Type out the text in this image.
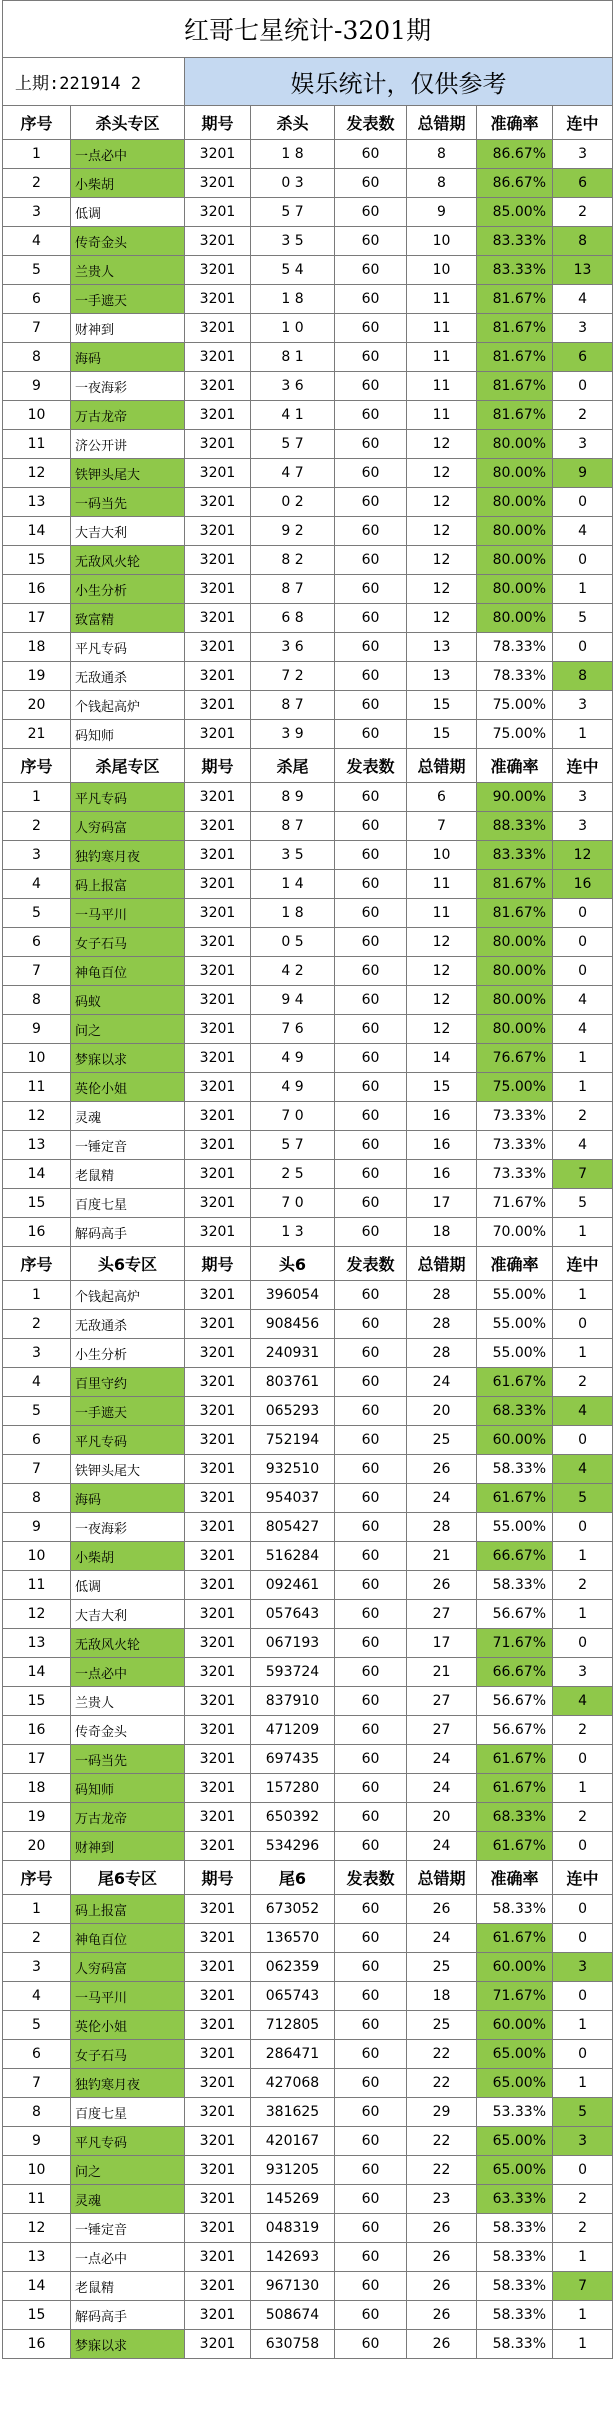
红哥七星统计-3201期							
上期:221914 2		娱乐统计，仅供参考					
序号	杀头专区	期号	杀头	发表数	总错期	准确率	连中
1	一点必中	3201	1 8	60	8	86.67%	3
2	小柴胡	3201	0 3	60	8	86.67%	6
3	低调	3201	5 7	60	9	85.00%	2
4	传奇金头	3201	3 5	60	10	83.33%	8
5	兰贵人	3201	5 4	60	10	83.33%	13
6	一手遮天	3201	1 8	60	11	81.67%	4
7	财神到	3201	1 0	60	11	81.67%	3
8	海码	3201	8 1	60	11	81.67%	6
9	一夜海彩	3201	3 6	60	11	81.67%	0
10	万古龙帝	3201	4 1	60	11	81.67%	2
11	济公开讲	3201	5 7	60	12	80.00%	3
12	铁钾头尾大	3201	4 7	60	12	80.00%	9
13	一码当先	3201	0 2	60	12	80.00%	0
14	大吉大利	3201	9 2	60	12	80.00%	4
15	无敌风火轮	3201	8 2	60	12	80.00%	0
16	小生分析	3201	8 7	60	12	80.00%	1
17	致富精	3201	6 8	60	12	80.00%	5
18	平凡专码	3201	3 6	60	13	78.33%	0
19	无敌通杀	3201	7 2	60	13	78.33%	8
20	个钱起高炉	3201	8 7	60	15	75.00%	3
21	码知师	3201	3 9	60	15	75.00%	1
序号	杀尾专区	期号	杀尾	发表数	总错期	准确率	连中
1	平凡专码	3201	8 9	60	6	90.00%	3
2	人穷码富	3201	8 7	60	7	88.33%	3
3	独钓寒月夜	3201	3 5	60	10	83.33%	12
4	码上报富	3201	1 4	60	11	81.67%	16
5	一马平川	3201	1 8	60	11	81.67%	0
6	女子石马	3201	0 5	60	12	80.00%	0
7	神龟百位	3201	4 2	60	12	80.00%	0
8	码蚁	3201	9 4	60	12	80.00%	4
9	问之	3201	7 6	60	12	80.00%	4
10	梦寐以求	3201	4 9	60	14	76.67%	1
11	英伦小姐	3201	4 9	60	15	75.00%	1
12	灵魂	3201	7 0	60	16	73.33%	2
13	一锤定音	3201	5 7	60	16	73.33%	4
14	老鼠精	3201	2 5	60	16	73.33%	7
15	百度七星	3201	7 0	60	17	71.67%	5
16	解码高手	3201	1 3	60	18	70.00%	1
序号	头6专区	期号	头6	发表数	总错期	准确率	连中
1	个钱起高炉	3201	396054	60	28	55.00%	1
2	无敌通杀	3201	908456	60	28	55.00%	0
3	小生分析	3201	240931	60	28	55.00%	1
4	百里守约	3201	803761	60	24	61.67%	2
5	一手遮天	3201	065293	60	20	68.33%	4
6	平凡专码	3201	752194	60	25	60.00%	0
7	铁钾头尾大	3201	932510	60	26	58.33%	4
8	海码	3201	954037	60	24	61.67%	5
9	一夜海彩	3201	805427	60	28	55.00%	0
10	小柴胡	3201	516284	60	21	66.67%	1
11	低调	3201	092461	60	26	58.33%	2
12	大吉大利	3201	057643	60	27	56.67%	1
13	无敌风火轮	3201	067193	60	17	71.67%	0
14	一点必中	3201	593724	60	21	66.67%	3
15	兰贵人	3201	837910	60	27	56.67%	4
16	传奇金头	3201	471209	60	27	56.67%	2
17	一码当先	3201	697435	60	24	61.67%	0
18	码知师	3201	157280	60	24	61.67%	1
19	万古龙帝	3201	650392	60	20	68.33%	2
20	财神到	3201	534296	60	24	61.67%	0
序号	尾6专区	期号	尾6	发表数	总错期	准确率	连中
1	码上报富	3201	673052	60	26	58.33%	0
2	神龟百位	3201	136570	60	24	61.67%	0
3	人穷码富	3201	062359	60	25	60.00%	3
4	一马平川	3201	065743	60	18	71.67%	0
5	英伦小姐	3201	712805	60	25	60.00%	1
6	女子石马	3201	286471	60	22	65.00%	0
7	独钓寒月夜	3201	427068	60	22	65.00%	1
8	百度七星	3201	381625	60	29	53.33%	5
9	平凡专码	3201	420167	60	22	65.00%	3
10	问之	3201	931205	60	22	65.00%	0
11	灵魂	3201	145269	60	23	63.33%	2
12	一锤定音	3201	048319	60	26	58.33%	2
13	一点必中	3201	142693	60	26	58.33%	1
14	老鼠精	3201	967130	60	26	58.33%	7
15	解码高手	3201	508674	60	26	58.33%	1
16	梦寐以求	3201	630758	60	26	58.33%	1
